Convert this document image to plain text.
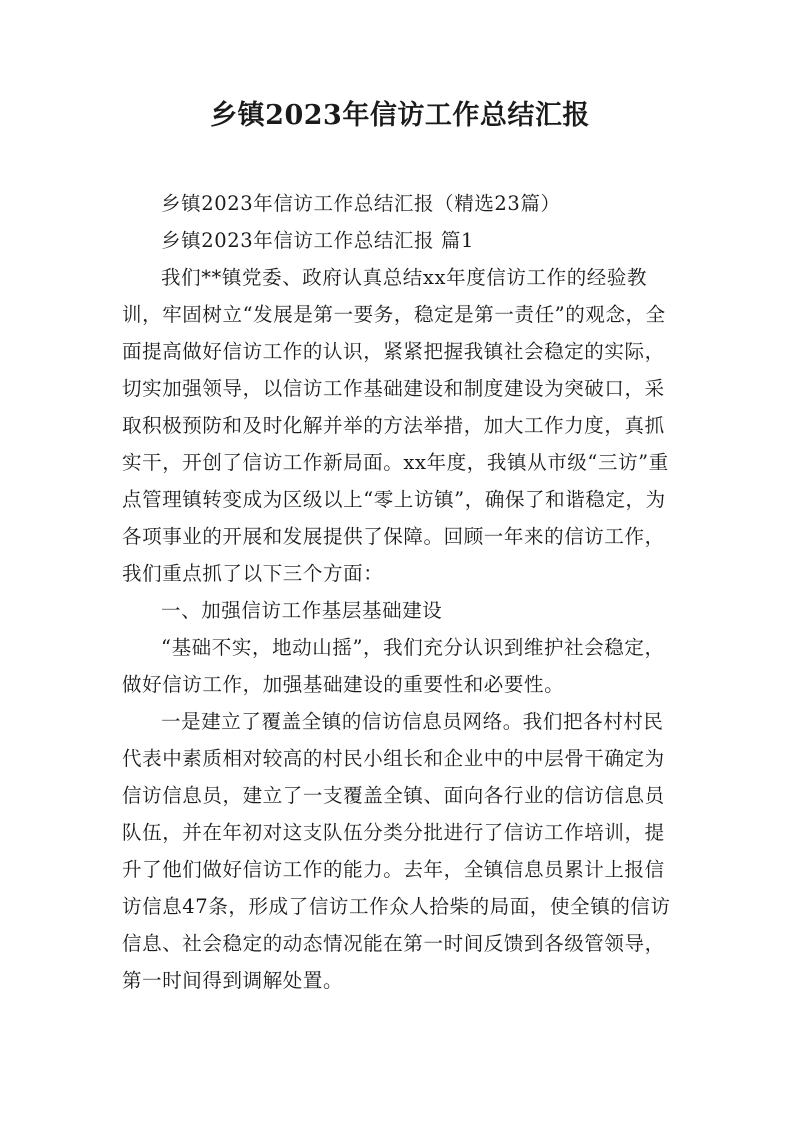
乡镇2023年信访工作总结汇报

乡镇2023年信访工作总结汇报（精选23篇）

乡镇2023年信访工作总结汇报 篇1

我们**镇党委、政府认真总结xx年度信访工作的经验教训，牢固树立“发展是第一要务，稳定是第一责任”的观念，全面提高做好信访工作的认识，紧紧把握我镇社会稳定的实际，切实加强领导，以信访工作基础建设和制度建设为突破口，采取积极预防和及时化解并举的方法举措，加大工作力度，真抓实干，开创了信访工作新局面。xx年度，我镇从市级“三访”重点管理镇转变成为区级以上“零上访镇”，确保了和谐稳定，为各项事业的开展和发展提供了保障。回顾一年来的信访工作，我们重点抓了以下三个方面：

一、加强信访工作基层基础建设

“基础不实，地动山摇”，我们充分认识到维护社会稳定，做好信访工作，加强基础建设的重要性和必要性。

一是建立了覆盖全镇的信访信息员网络。我们把各村村民代表中素质相对较高的村民小组长和企业中的中层骨干确定为信访信息员，建立了一支覆盖全镇、面向各行业的信访信息员队伍，并在年初对这支队伍分类分批进行了信访工作培训，提升了他们做好信访工作的能力。去年，全镇信息员累计上报信访信息47条，形成了信访工作众人拾柴的局面，使全镇的信访信息、社会稳定的动态情况能在第一时间反馈到各级管领导，第一时间得到调解处置。
